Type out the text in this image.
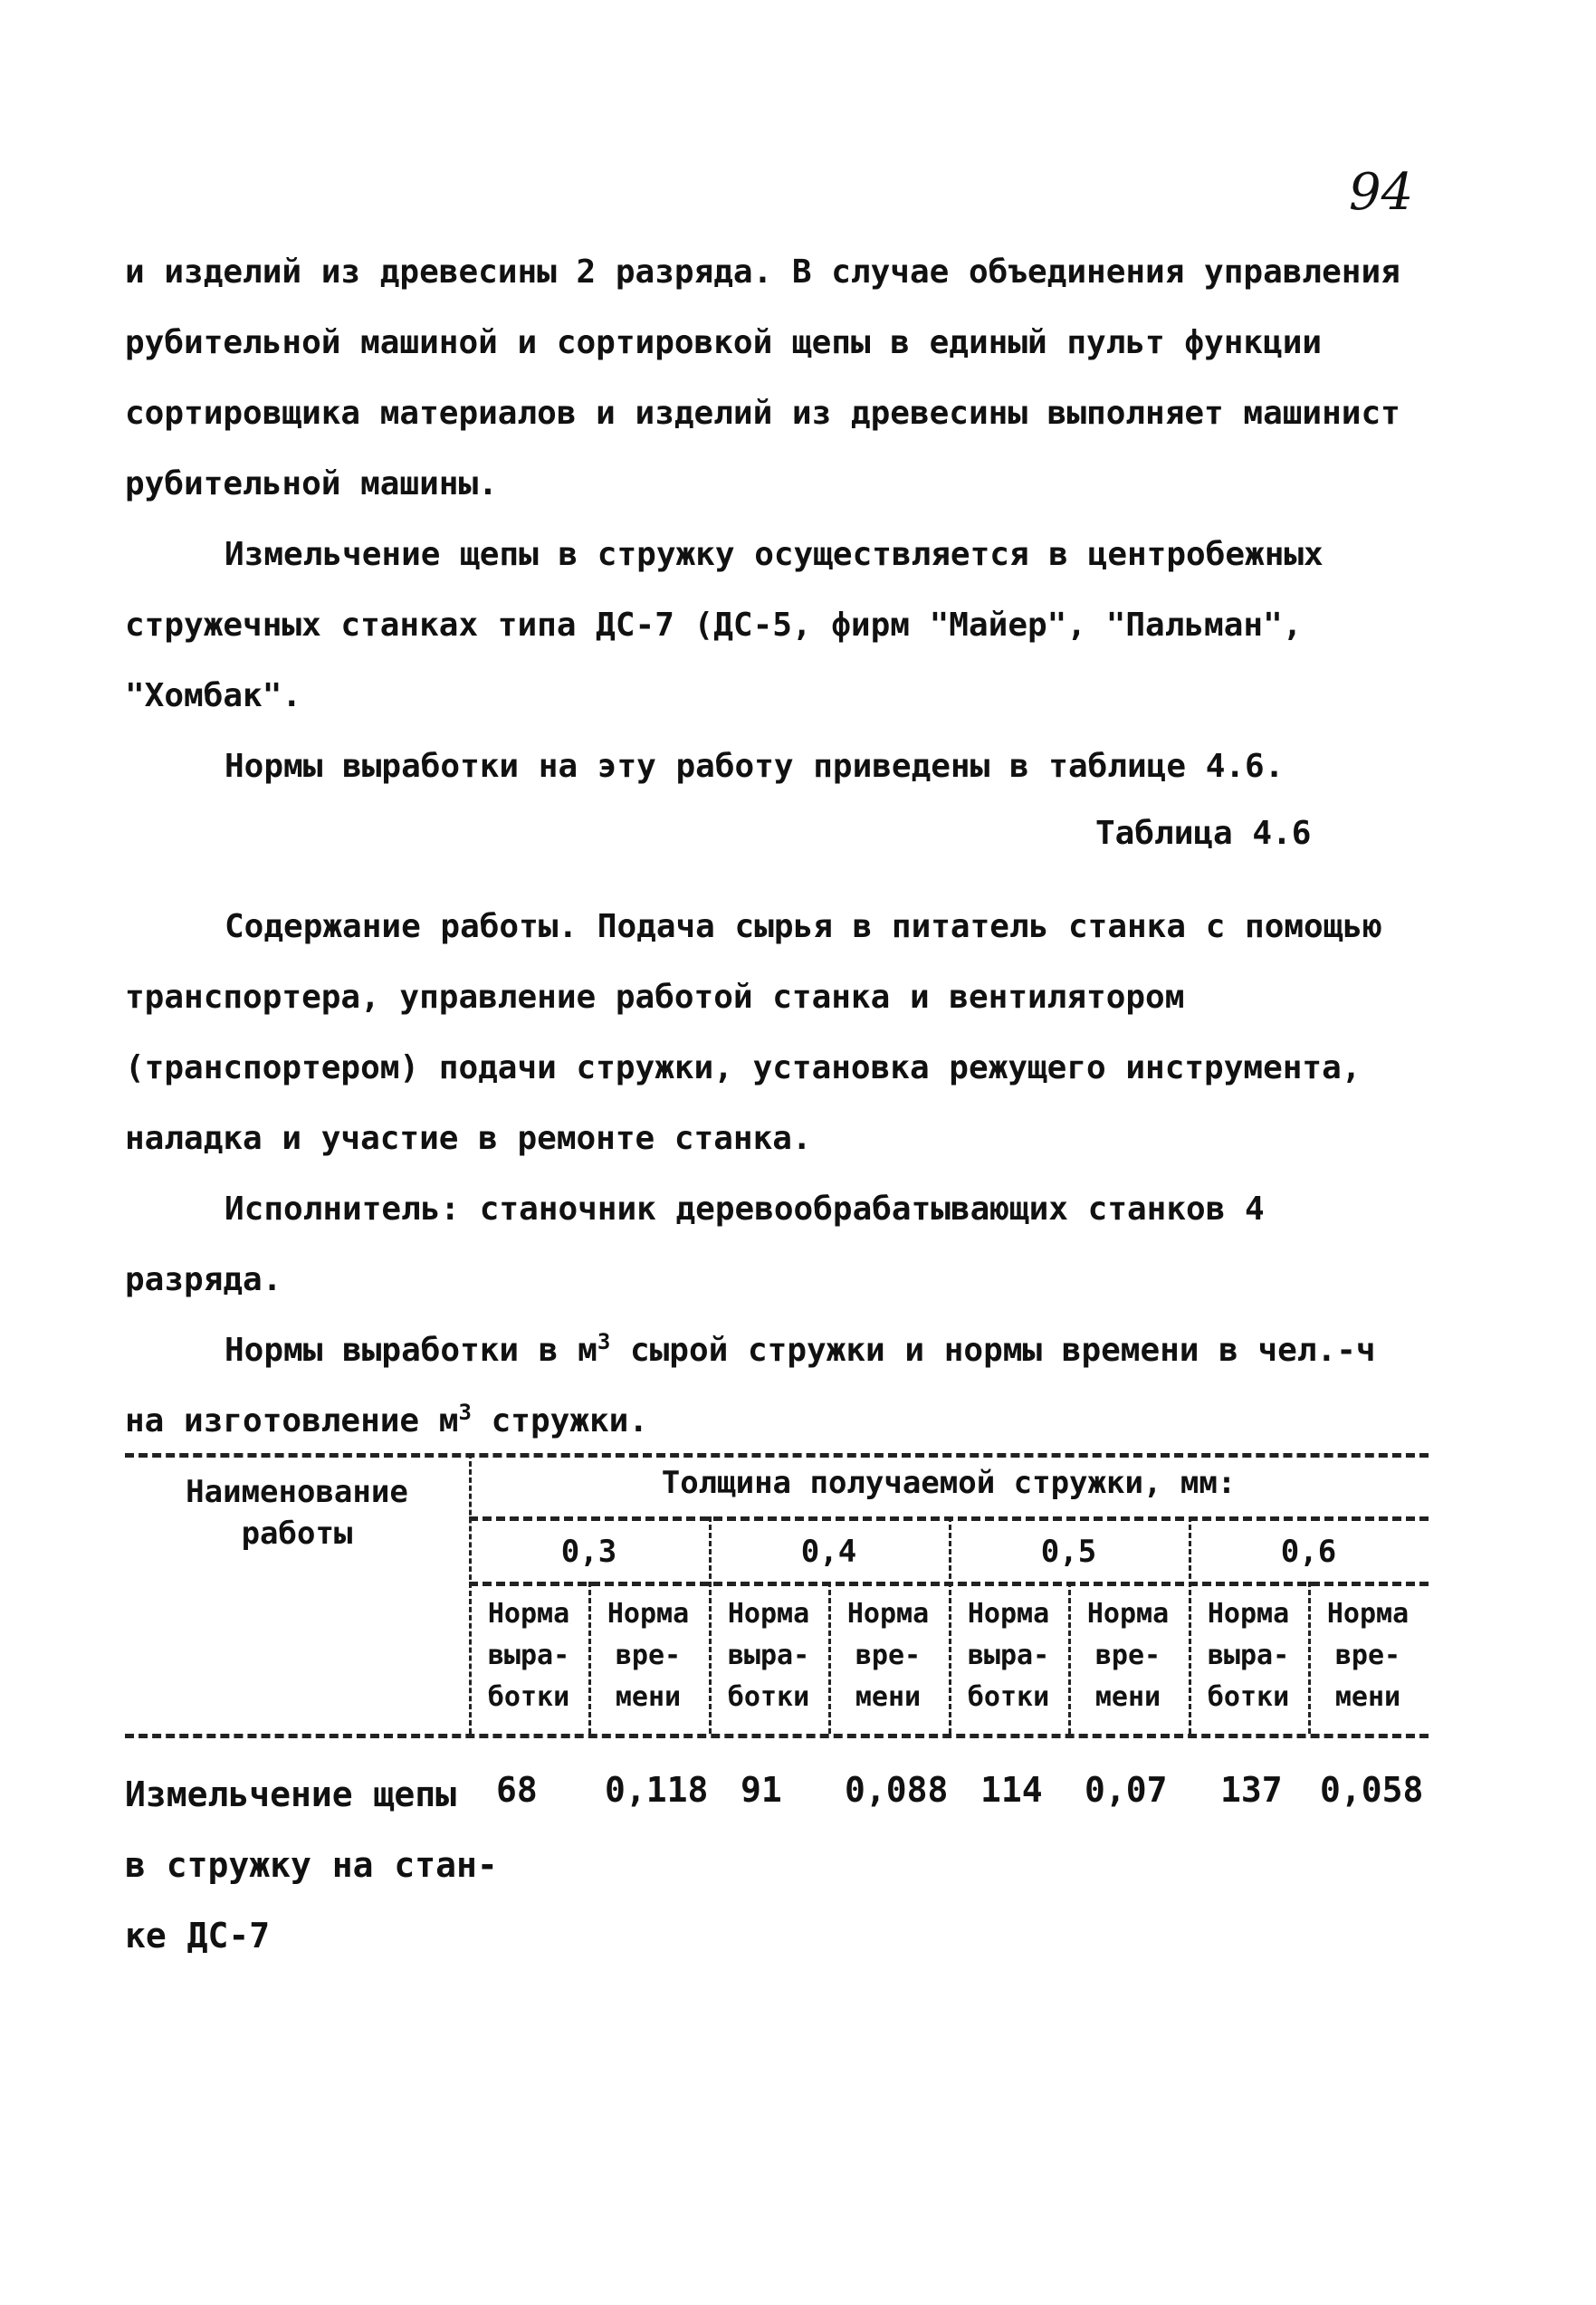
94

и изделий из древесины 2 разряда. В случае объединения управления рубительной машиной и сортировкой щепы в единый пульт функции сортировщика материалов и изделий из древесины выполняет машинист рубительной машины.

Измельчение щепы в стружку осуществляется в центробежных стружечных станках типа ДС-7 (ДС-5, фирм "Майер", "Пальман", "Хомбак".

Нормы выработки на эту работу приведены в таблице 4.6.

Таблица 4.6

Содержание работы. Подача сырья в питатель станка с помощью транспортера, управление работой станка и вентилятором (транспортером) подачи стружки, установка режущего инструмента, наладка и участие в ремонте станка.

Исполнитель: станочник деревообрабатывающих станков 4 разряда.

Нормы выработки в $м^3$ сырой стружки и нормы времени в чел.-ч на изготовление $м^3$ стружки.

Наименование работы
Толщина получаемой стружки, мм:
0,3	0,4	0,5	0,6
Норма выра- ботки
Норма вре- мени
Норма выра- ботки
Норма вре- мени
Норма выра- ботки
Норма вре- мени
Норма выра- ботки
Норма вре- мени
Измельчение щепы
в стружку на стан-
ке ДС-7
68 0,118 91 0,088 114 0,07 137 0,058
